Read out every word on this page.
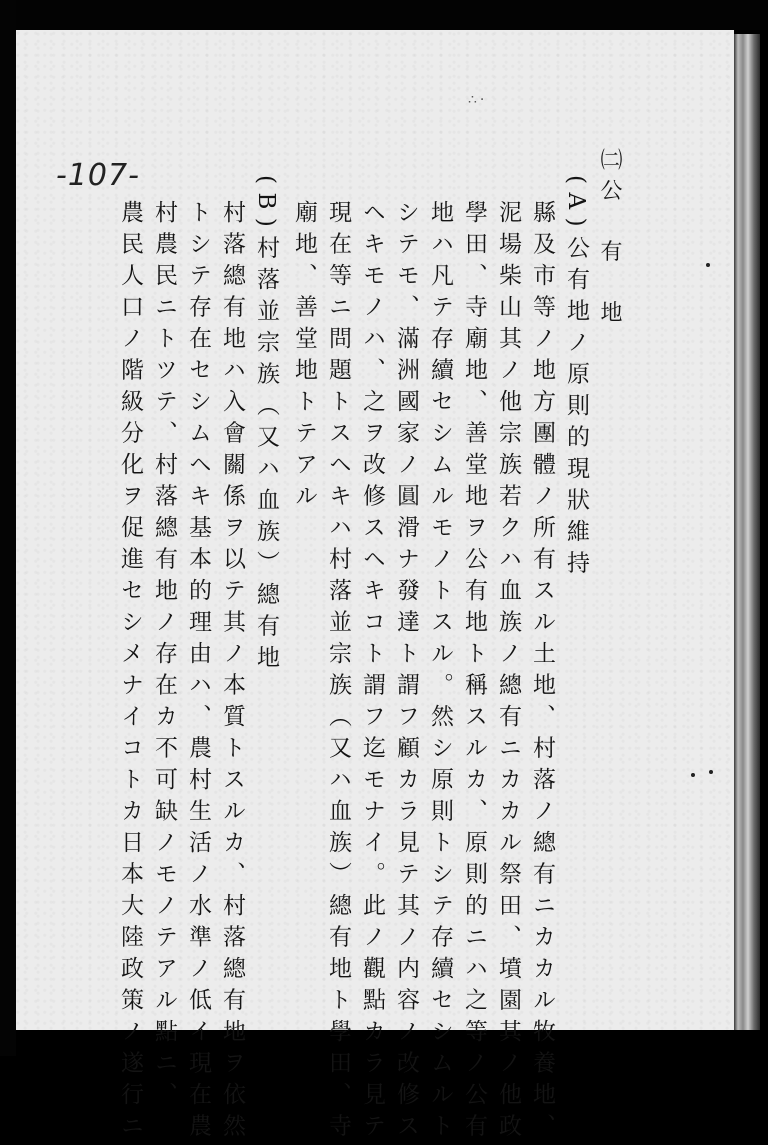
-107-
∴·
㈡公　有　地
(A)公有地ノ原則的現狀維持
縣及市等ノ地方團體ノ所有スル土地、村落ノ總有ニカカル牧養地、
泥場柴山其ノ他宗族若クハ血族ノ總有ニカカル祭田、墳園其ノ他政
學田、寺廟地、善堂地ヲ公有地ト稱スルカ、原則的ニハ之等ノ公有
地ハ凡テ存續セシムルモノトスル。然シ原則トシテ存續セシムルト
シテモ、滿洲國家ノ圓滑ナ發達ト謂フ顧カラ見テ其ノ内容ノ改修ス
ヘキモノハ、之ヲ改修スヘキコト謂フ迄モナイ。此ノ觀點カラ見テ
現在等ニ問題トスヘキハ村落並宗族（又ハ血族）總有地ト學田、寺
廟地、善堂地トテアル
(B)村落並宗族（又ハ血族）總有地
村落總有地ハ入會關係ヲ以テ其ノ本質トスルカ、村落總有地ヲ依然
トシテ存在セシムヘキ基本的理由ハ、農村生活ノ水準ノ低イ現在農
村農民ニトツテ、村落總有地ノ存在カ不可缺ノモノテアル點ニ、
農民人口ノ階級分化ヲ促進セシメナイコトカ日本大陸政策ノ遂行ニ
